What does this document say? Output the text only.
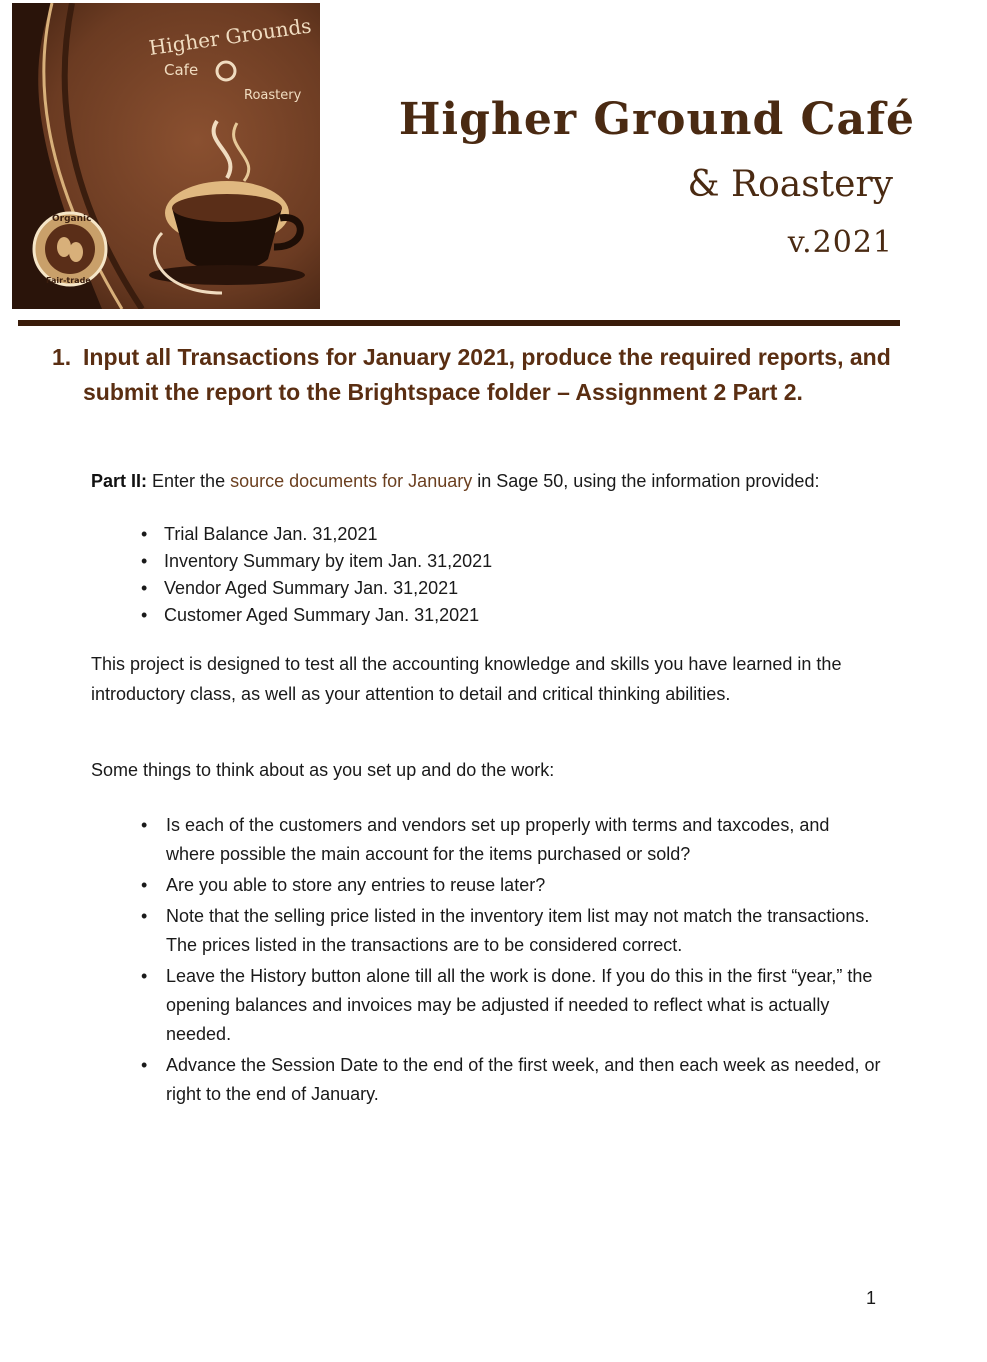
Higher Grounds
Cafe
Roastery
Organic
Fair-trade
Higher Ground Café
& Roastery
v.2021
1. Input all Transactions for January 2021, produce the required reports, and submit the report to the Brightspace folder – Assignment 2 Part 2.
Part II: Enter the source documents for January in Sage 50, using the information provided:
• Trial Balance Jan. 31,2021
• Inventory Summary by item Jan. 31,2021
• Vendor Aged Summary Jan. 31,2021
• Customer Aged Summary Jan. 31,2021
This project is designed to test all the accounting knowledge and skills you have learned in the introductory class, as well as your attention to detail and critical thinking abilities.
Some things to think about as you set up and do the work:
• Is each of the customers and vendors set up properly with terms and taxcodes, and where possible the main account for the items purchased or sold?
• Are you able to store any entries to reuse later?
• Note that the selling price listed in the inventory item list may not match the transactions. The prices listed in the transactions are to be considered correct.
• Leave the History button alone till all the work is done. If you do this in the first “year,” the opening balances and invoices may be adjusted if needed to reflect what is actually needed.
• Advance the Session Date to the end of the first week, and then each week as needed, or right to the end of January.
1
